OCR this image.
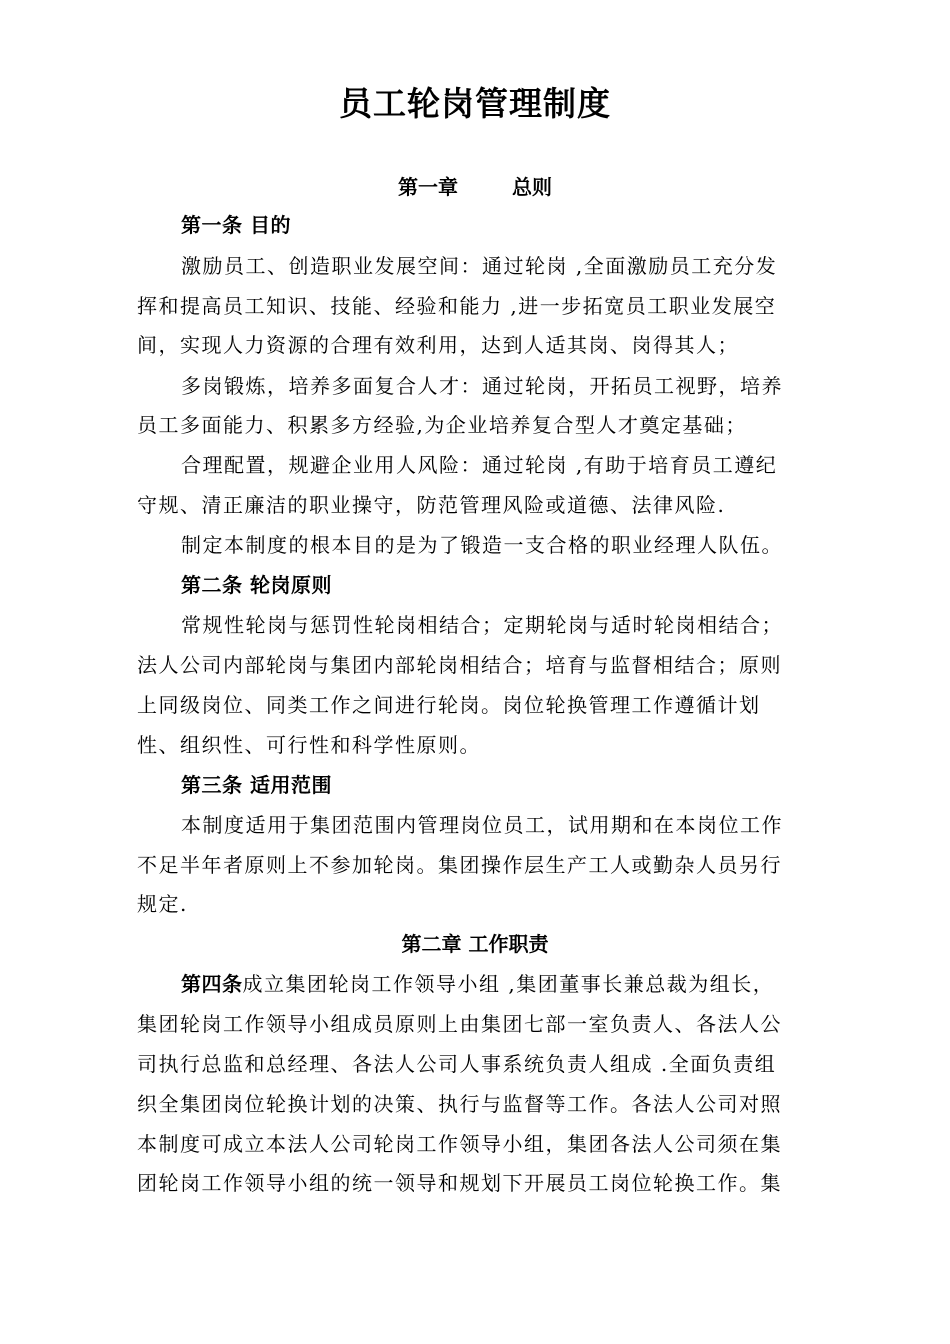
员工轮岗管理制度
第一章	总则
第一条 目的
激励员工、创造职业发展空间：通过轮岗 ,全面激励员工充分发
挥和提高员工知识、技能、经验和能力 ,进一步拓宽员工职业发展空
间，实现人力资源的合理有效利用，达到人适其岗、岗得其人；
多岗锻炼，培养多面复合人才：通过轮岗，开拓员工视野，培养
员工多面能力、积累多方经验,为企业培养复合型人才奠定基础；
合理配置，规避企业用人风险：通过轮岗 ,有助于培育员工遵纪
守规、清正廉洁的职业操守，防范管理风险或道德、法律风险.
制定本制度的根本目的是为了锻造一支合格的职业经理人队伍。
第二条 轮岗原则
常规性轮岗与惩罚性轮岗相结合；定期轮岗与适时轮岗相结合；
法人公司内部轮岗与集团内部轮岗相结合；培育与监督相结合；原则
上同级岗位、同类工作之间进行轮岗。岗位轮换管理工作遵循计划
性、组织性、可行性和科学性原则。
第三条 适用范围
本制度适用于集团范围内管理岗位员工，试用期和在本岗位工作
不足半年者原则上不参加轮岗。集团操作层生产工人或勤杂人员另行
规定.
第二章 工作职责
第四条成立集团轮岗工作领导小组 ,集团董事长兼总裁为组长，
集团轮岗工作领导小组成员原则上由集团七部一室负责人、各法人公
司执行总监和总经理、各法人公司人事系统负责人组成 .全面负责组
织全集团岗位轮换计划的决策、执行与监督等工作。各法人公司对照
本制度可成立本法人公司轮岗工作领导小组，集团各法人公司须在集
团轮岗工作领导小组的统一领导和规划下开展员工岗位轮换工作。集
